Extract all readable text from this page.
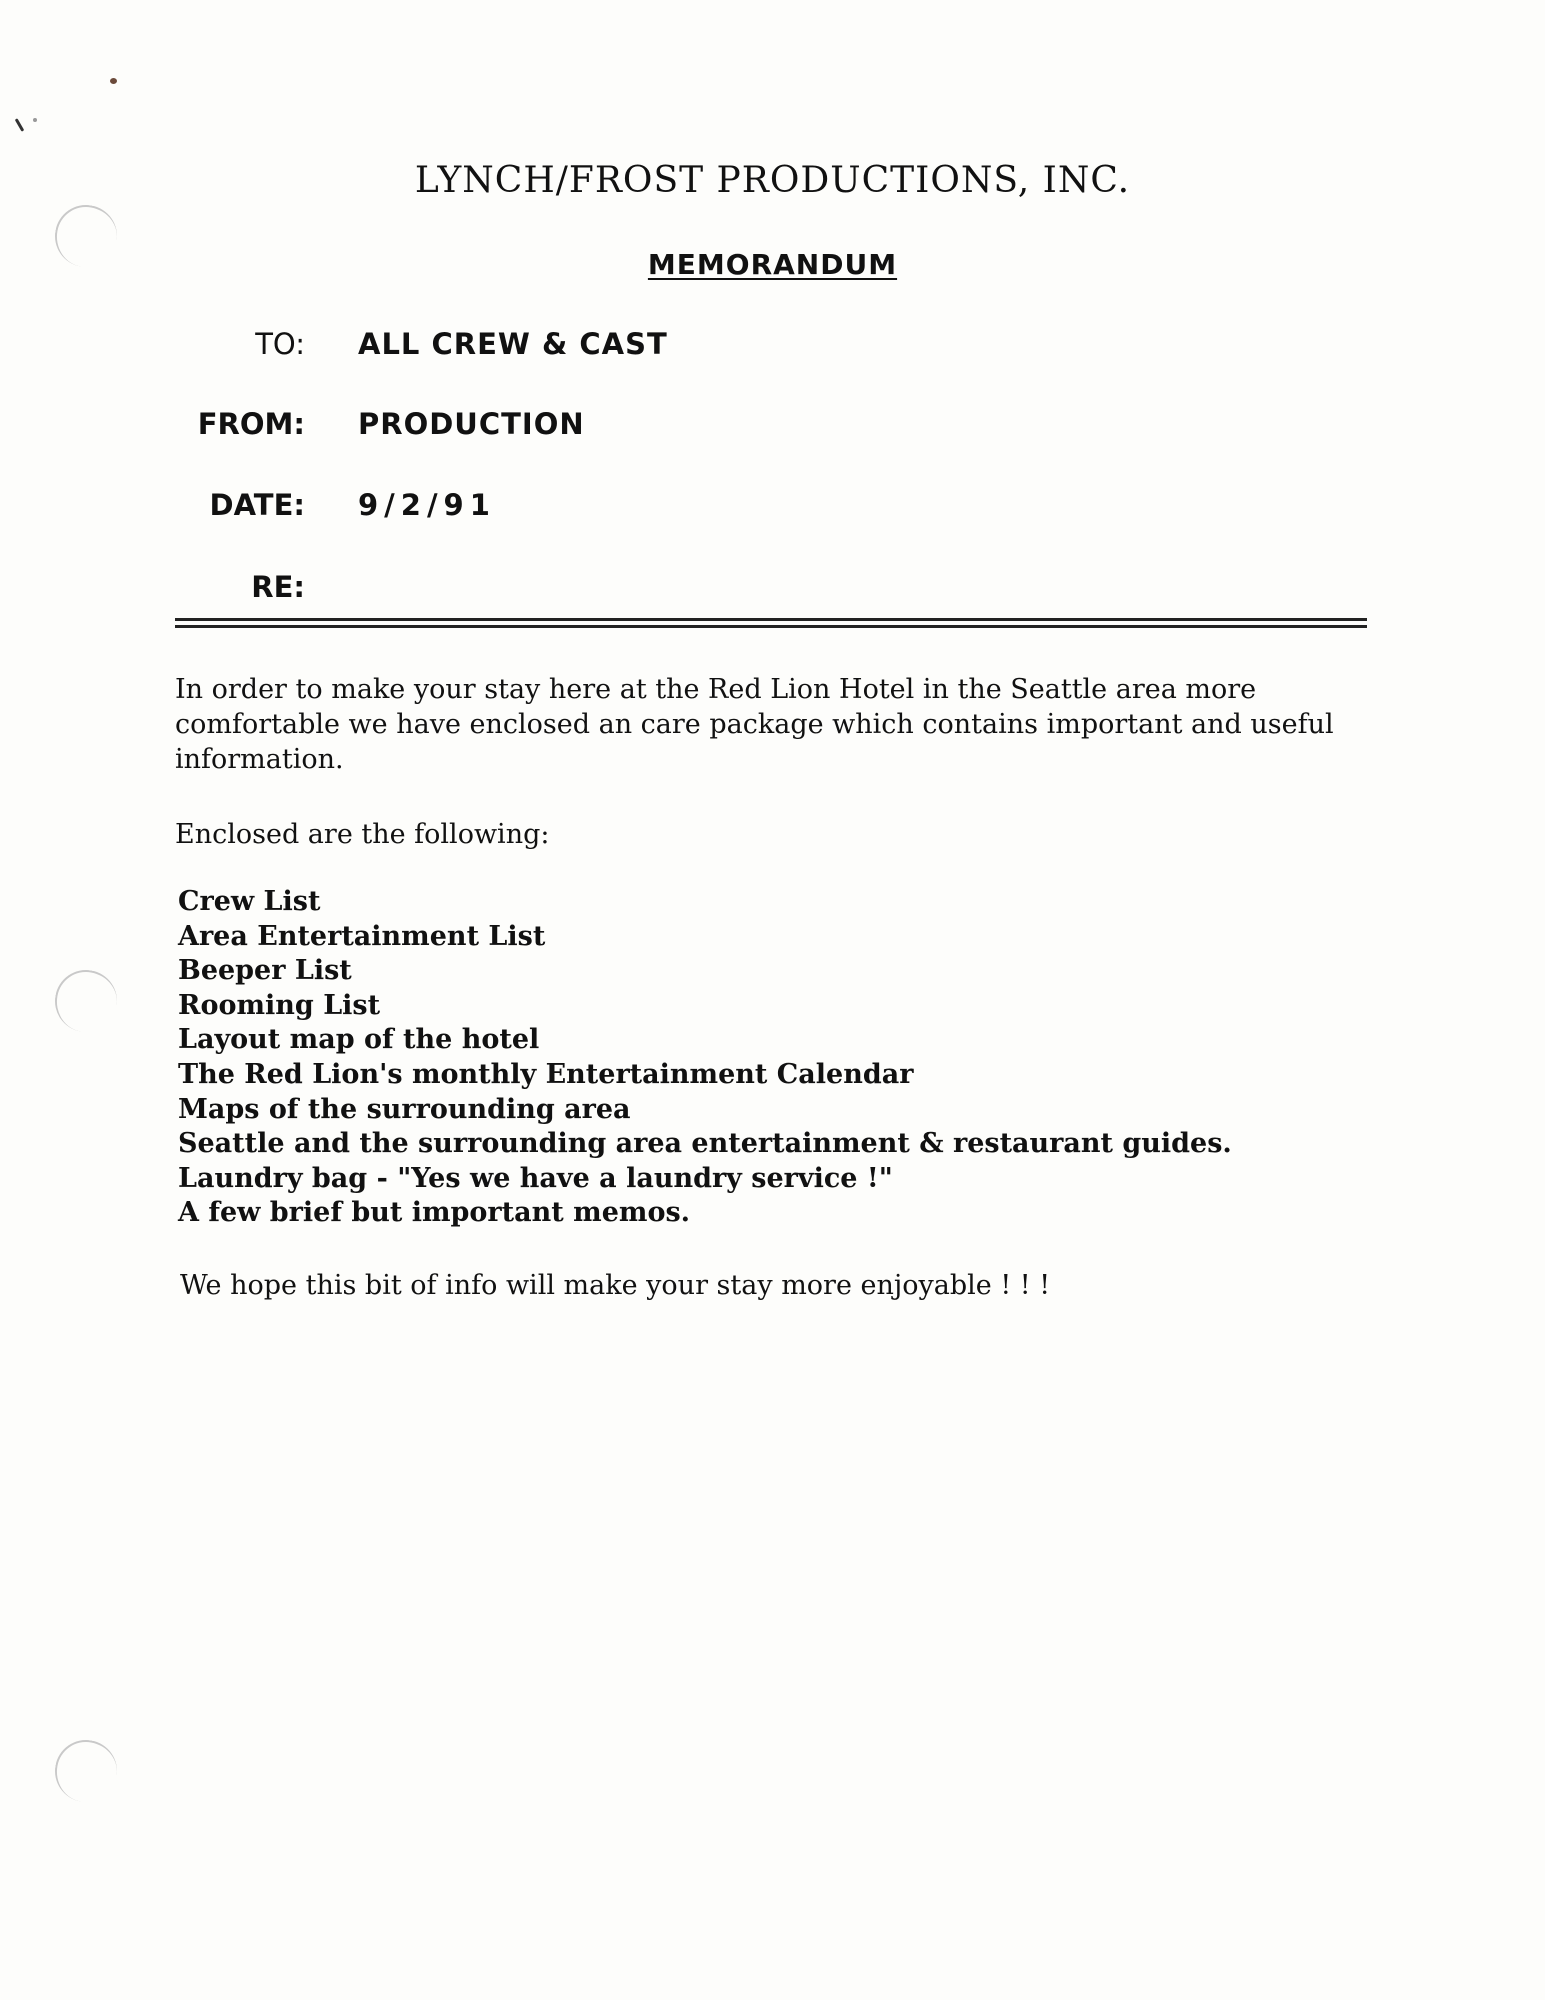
LYNCH/FROST PRODUCTIONS, INC.
MEMORANDUM
TO: ALL CREW & CAST
FROM: PRODUCTION
DATE: 9/2/91
RE:
In order to make your stay here at the Red Lion Hotel in the Seattle area more comfortable we have enclosed an care package which contains important and useful information.
Enclosed are the following:
Crew List
Area Entertainment List
Beeper List
Rooming List
Layout map of the hotel
The Red Lion's monthly Entertainment Calendar
Maps of the surrounding area
Seattle and the surrounding area entertainment & restaurant guides.
Laundry bag - "Yes we have a laundry service !"
A few brief but important memos.
We hope this bit of info will make your stay more enjoyable ! ! !
